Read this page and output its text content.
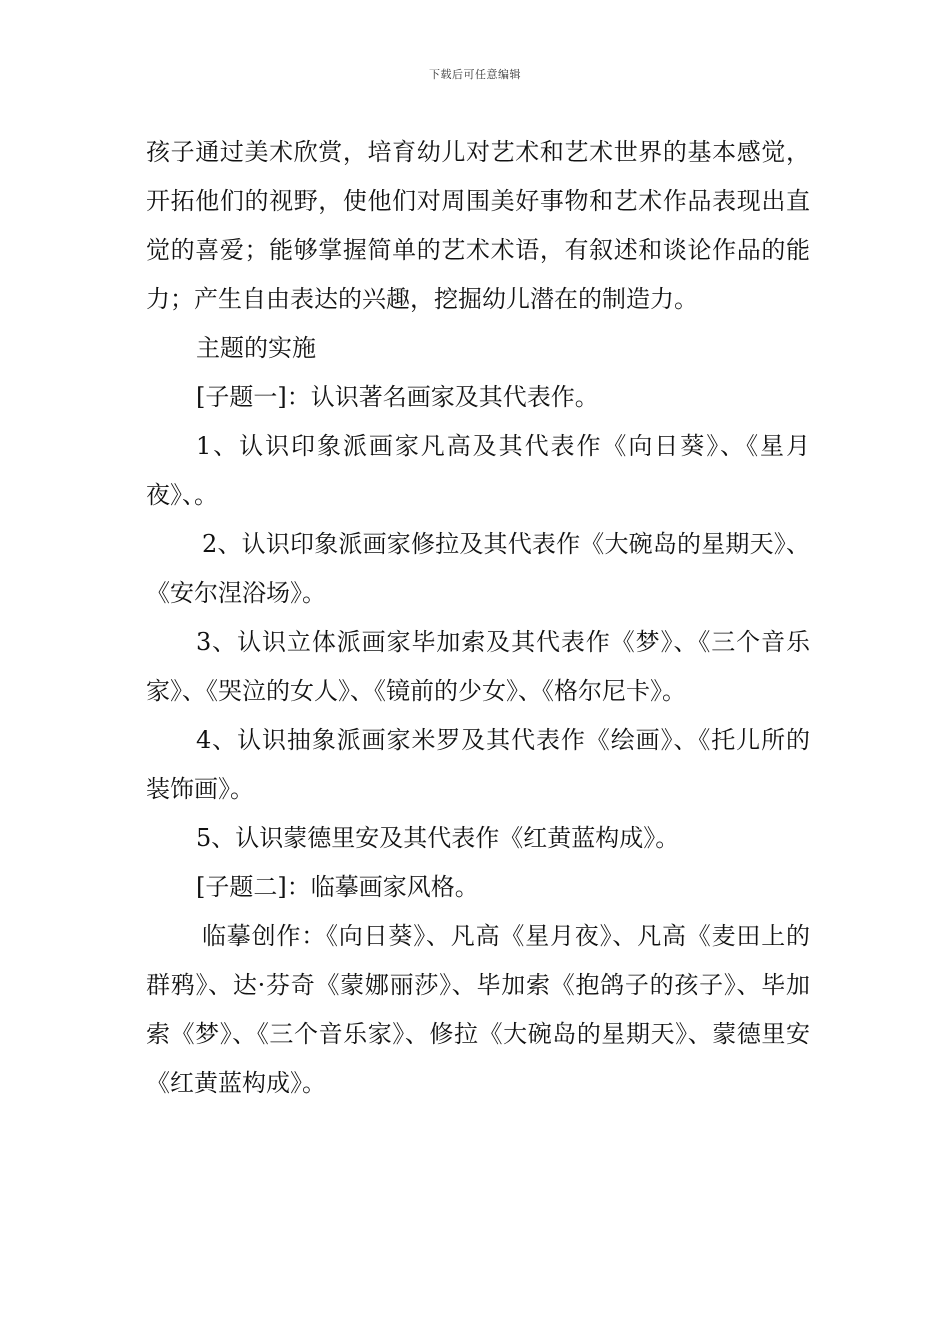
下载后可任意编辑

孩子通过美术欣赏，培育幼儿对艺术和艺术世界的基本感觉，开拓他们的视野，使他们对周围美好事物和艺术作品表现出直觉的喜爱；能够掌握简单的艺术术语，有叙述和谈论作品的能力；产生自由表达的兴趣，挖掘幼儿潜在的制造力。

主题的实施

[子题一]：认识著名画家及其代表作。

1、认识印象派画家凡高及其代表作《向日葵》、《星月夜》、。

2、认识印象派画家修拉及其代表作《大碗岛的星期天》、《安尔涅浴场》。

3、认识立体派画家毕加索及其代表作《梦》、《三个音乐家》、《哭泣的女人》、《镜前的少女》、《格尔尼卡》。

4、认识抽象派画家米罗及其代表作《绘画》、《托儿所的装饰画》。

5、认识蒙德里安及其代表作《红黄蓝构成》。

[子题二]：临摹画家风格。

临摹创作：《向日葵》、凡高《星月夜》、凡高《麦田上的群鸦》、达·芬奇《蒙娜丽莎》、毕加索《抱鸽子的孩子》、毕加索《梦》、《三个音乐家》、修拉《大碗岛的星期天》、蒙德里安《红黄蓝构成》。
